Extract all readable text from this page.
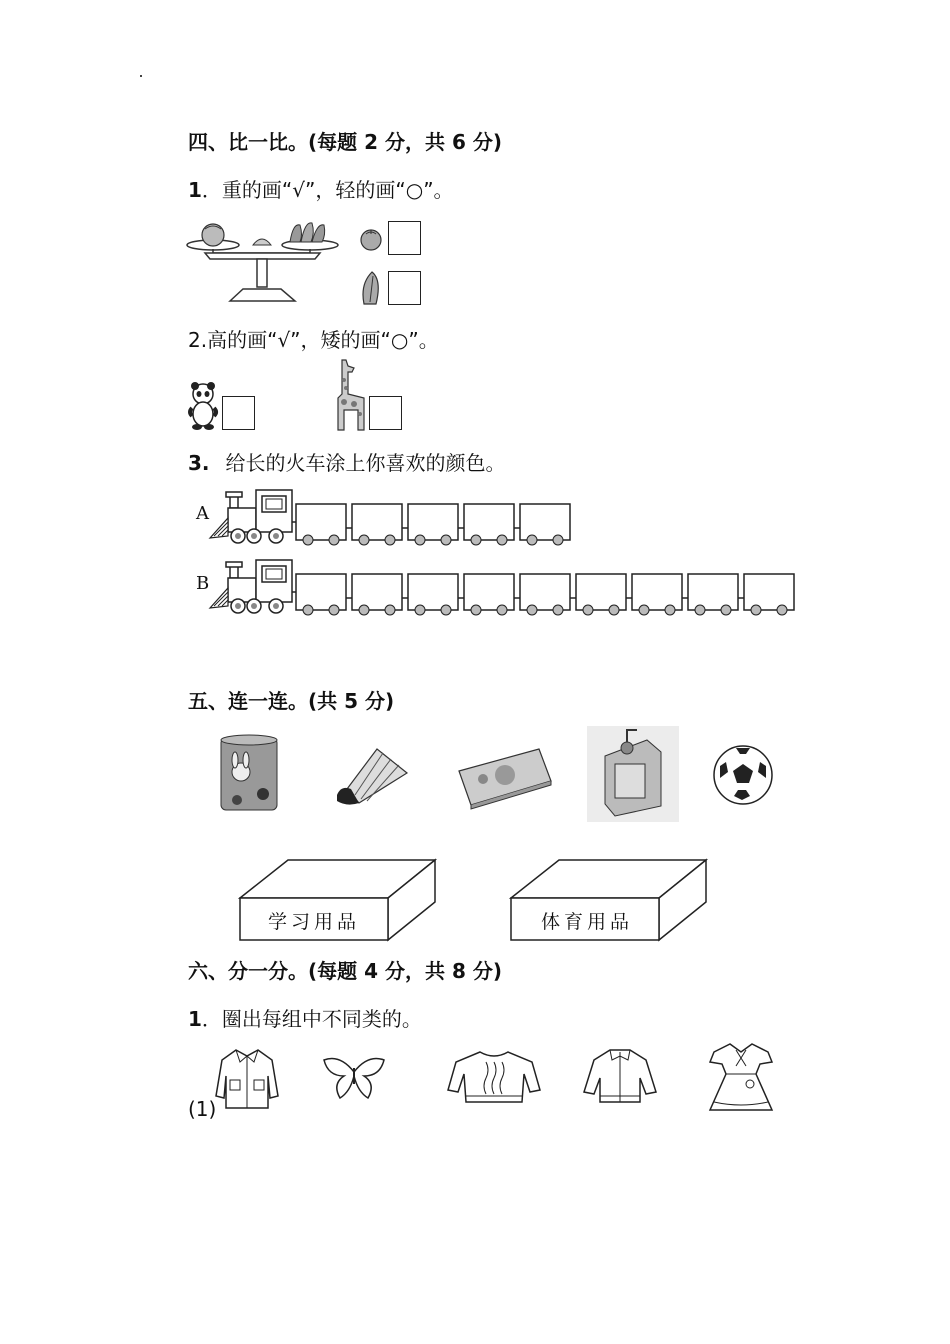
四、比一比。(每题 2 分，共 6 分)
1．重的画“√”，轻的画“○”。
2.高的画“√”，矮的画“○”。
3. 给长的火车涂上你喜欢的颜色。
A
B
五、连一连。(共 5 分)
学习用品	体育用品
六、分一分。(每题 4 分，共 8 分)
1．圈出每组中不同类的。
(1)
